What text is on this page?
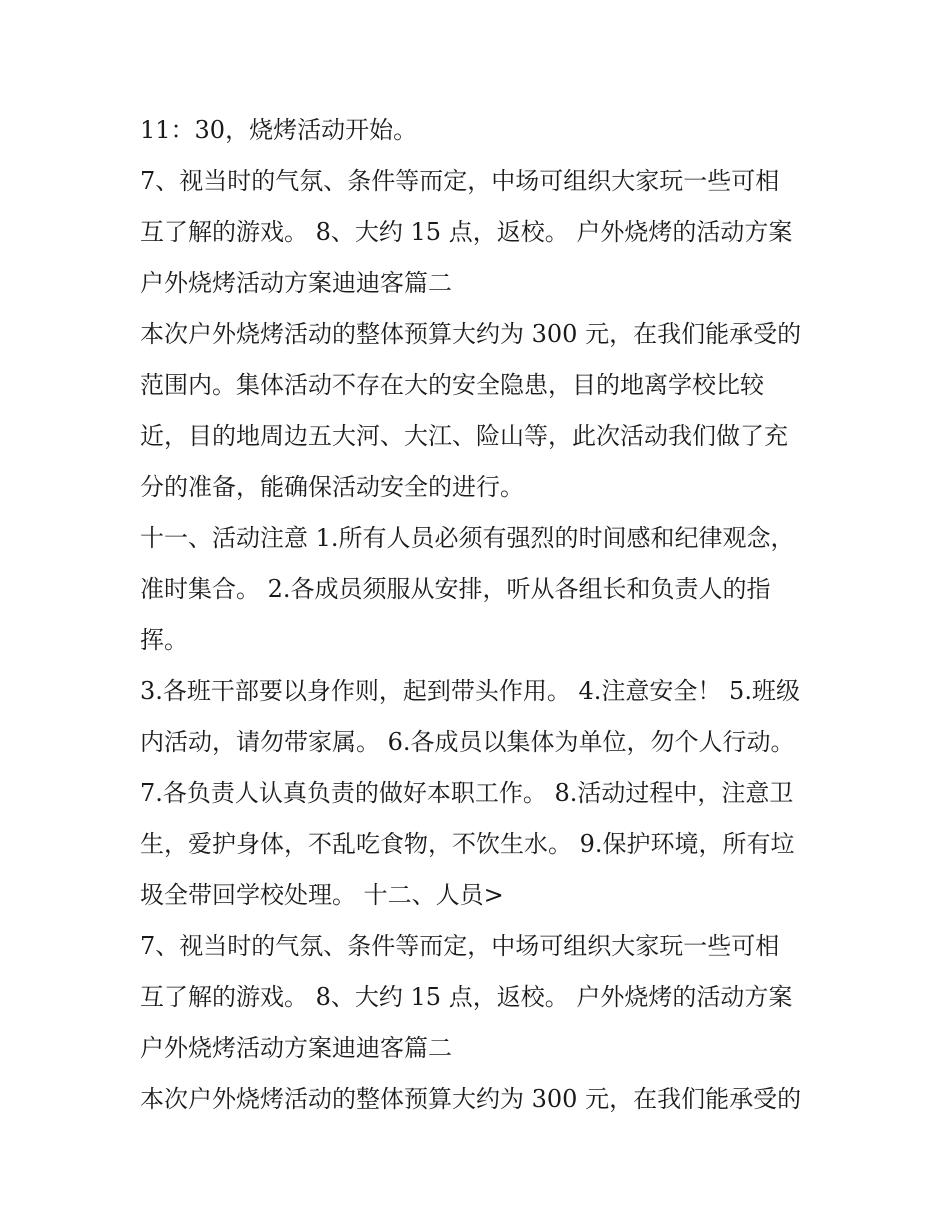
11：30，烧烤活动开始。
7、视当时的气氛、条件等而定，中场可组织大家玩一些可相
互了解的游戏。 8、大约 15 点，返校。 户外烧烤的活动方案
户外烧烤活动方案迪迪客篇二
本次户外烧烤活动的整体预算大约为 300 元，在我们能承受的
范围内。集体活动不存在大的安全隐患，目的地离学校比较
近，目的地周边五大河、大江、险山等，此次活动我们做了充
分的准备，能确保活动安全的进行。
十一、活动注意 1.所有人员必须有强烈的时间感和纪律观念，
准时集合。 2.各成员须服从安排，听从各组长和负责人的指
挥。
3.各班干部要以身作则，起到带头作用。 4.注意安全！ 5.班级
内活动，请勿带家属。 6.各成员以集体为单位，勿个人行动。
7.各负责人认真负责的做好本职工作。 8.活动过程中，注意卫
生，爱护身体，不乱吃食物，不饮生水。 9.保护环境，所有垃
圾全带回学校处理。 十二、人员>
7、视当时的气氛、条件等而定，中场可组织大家玩一些可相
互了解的游戏。 8、大约 15 点，返校。 户外烧烤的活动方案
户外烧烤活动方案迪迪客篇二
本次户外烧烤活动的整体预算大约为 300 元，在我们能承受的
